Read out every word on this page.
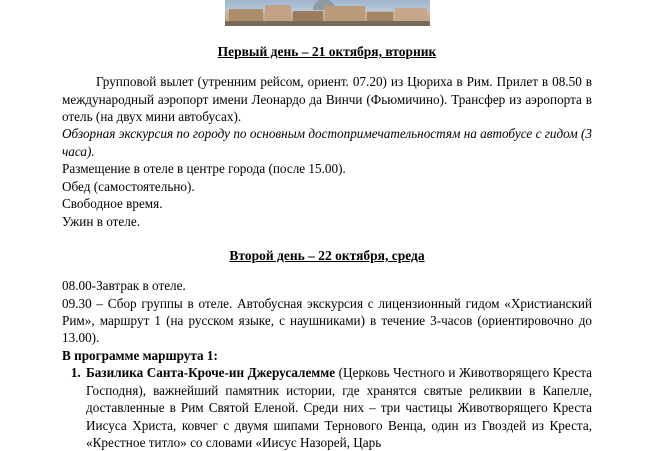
Первый день – 21 октября, вторник

Групповой вылет (утренним рейсом, ориент. 07.20) из Цюриха в Рим. Прилет в 08.50 в международный аэропорт имени Леонардо да Винчи (Фьюмичино). Трансфер из аэропорта в отель (на двух мини автобусах).

Обзорная экскурсия по городу по основным достопримечательностям на автобусе с гидом (3 часа).

Размещение в отеле в центре города (после 15.00).

Обед (самостоятельно).

Свободное время.

Ужин в отеле.

Второй день – 22 октября, среда

08.00-Завтрак в отеле.

09.30 – Сбор группы в отеле. Автобусная экскурсия с лицензионный гидом «Христианский Рим», маршрут 1 (на русском языке, с наушниками) в течение 3-часов (ориентировочно до 13.00).

В программе маршрута 1:

1. Базилика Санта-Кроче-ин Джерусалемме (Церковь Честного и Животворящего Креста Господня), важнейший памятник истории, где хранятся святые реликвии в Капелле, доставленные в Рим Святой Еленой. Среди них – три частицы Животворящего Креста Иисуса Христа, ковчег с двумя шипами Тернового Венца, один из Гвоздей из Креста, «Крестное титло» со словами «Иисус Назорей, Царь
